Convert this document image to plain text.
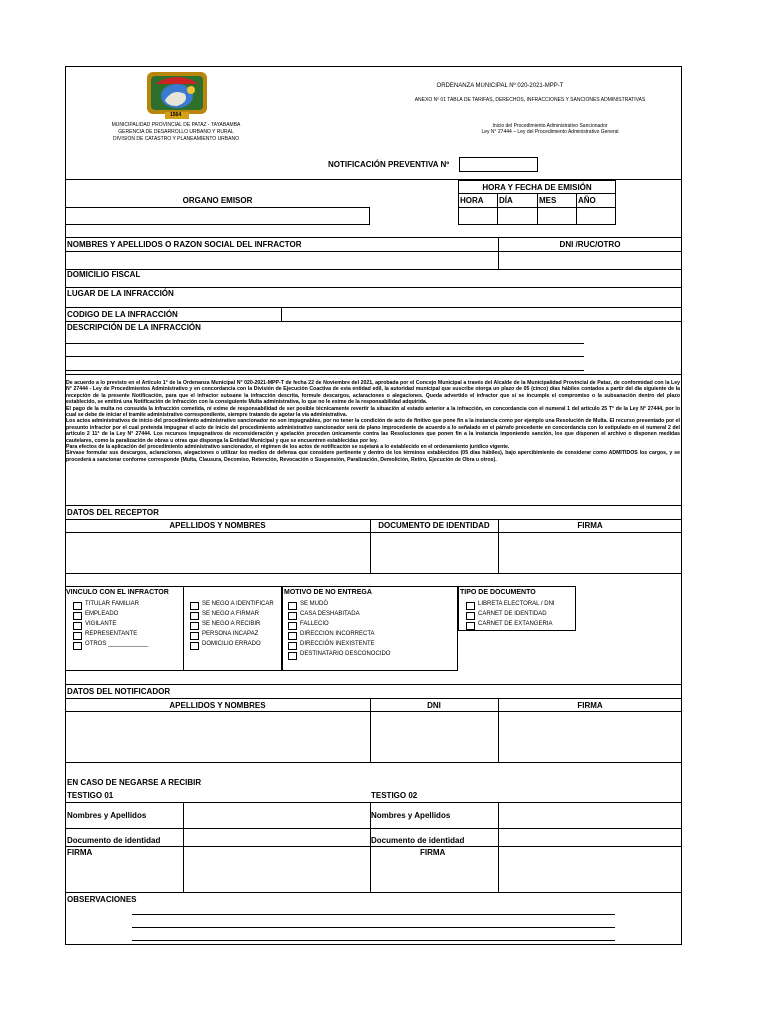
1564
MUNICIPALIDAD PROVINCIAL DE PATAZ - TAYABAMBA
GERENCIA DE DESARROLLO URBANO Y RURAL
DIVISION DE CATASTRO Y PLANEAMIENTO URBANO
ORDENANZA MUNICIPAL Nº 020-2021-MPP-T
ANEXO Nº 01 TABLA DE TARIFAS, DERECHOS, INFRACCIONES Y SANCIONES ADMINISTRATIVAS
Inicio del Procedimiento Administrativo Sancionador
Ley N° 27444 – Ley del Procedimiento Administrativo General
NOTIFICACIÓN PREVENTIVA Nº
HORA Y FECHA DE EMISIÓN
HORA DÍA	MES	AÑO
ORGANO EMISOR
NOMBRES Y APELLIDOS O RAZON SOCIAL DEL INFRACTOR	DNI /RUC/OTRO
DOMICILIO FISCAL
LUGAR DE LA INFRACCIÓN
CODIGO DE LA INFRACCIÓN
DESCRIPCIÓN DE LA INFRACCIÓN

De acuerdo a lo previsto en el Artículo 1° de la Ordenanza Municipal N° 020-2021-MPP-T de fecha 22 de Noviembre del 2021, aprobada por el Concejo Municipal a través del Alcalde de la Municipalidad Provincial de Pataz, de conformidad con la Ley N° 27444 - Ley de Procedimientos Administrativo y en concordancia con la División de Ejecución Coactiva de esta entidad edil, la autoridad municipal que suscribe otorga un plazo de 05 (cinco) días hábiles contados a partir del día siguiente de la recepción de la presente Notificación, para que el infractor subsane la infracción descrita, formule descargos, aclaraciones o alegaciones. Queda advertido el infractor que si se incumple el compromiso o la subsanación dentro del plazo establecido, se emitirá una Notificación de Infracción con la consiguiente Multa administrativa, lo que no le exime de la responsabilidad adquirida.

El pago de la multa no consuida la infracción cometida, ni exime de responsabilidad de ser posible técnicamente revertir la situación al estado anterior a la infracción, en concordancia con el numeral 1 del artículo 25 T° de la Ley N° 27444, por lo cual se debe de iniciar el tramite administrativo correspondiente, siempre tratando de agotar la vía administrativa.

Los actos administrativos de inicio del procedimiento administrativo sancionador no son impugnables, por no tener la condición de acto de ﬁnitivo que pone ﬁn a la instancia como por ejemplo una Resolución de Multa. El recurso presentado por el presunto infractor por el cual pretenda impugnar el acto de inicio del procedimiento administrativo sancionador será de plano improcedente de acuerdo a lo señalado en el párrafo precedente en concordancia con lo estipulado en el numeral 2 del artículo 2 11° de la Ley N° 27444. Los recursos impugnativos de reconsideración y apelación proceden únicamente contra las Resoluciones que ponen ﬁn a la instancia imponiendo sanción, los que disponen el archivo o disponen medidas cautelares, como la paralización de obras u otras que disponga la Entidad Municipal y que se encuentren establecidas por ley.

Para efectos de la aplicación del procedimiento administrativo sancionador, el régimen de los actos de notificación se sujetará a lo establecido en el ordenamiento jurídico vigente.

Sírvase formular sus descargos, aclaraciones, alegaciones o utilizar los medios de defensa que considere pertinente y dentro de los términos establecidos (05 días hábiles), bajo apercibimiento de considerar como ADMITIDOS los cargos, y se procederá a sancionar conforme corresponde (Multa, Clausura, Decomiso, Retención, Revocación o Suspensión, Paralización, Demolición, Retiro, Ejecución de Obra u otros).

DATOS DEL RECEPTOR
APELLIDOS Y NOMBRES	DOCUMENTO DE IDENTIDAD	FIRMA
VINCULO CON EL INFRACTOR
TITULAR FAMILIAR
EMPLEADO
VIGILANTE
REPRESENTANTE
OTROS ____________
SE NEGO A IDENTIFICAR
SE NEGO A FIRMAR
SE NEGO A RECIBIR
PERSONA INCAPAZ
DOMICILIO ERRADO
MOTIVO DE NO ENTREGA
SE MUDÓ
CASA DESHABITADA
FALLECIO
DIRECCION INCORRECTA
DIRECCIÓN INEXISTENTE
DESTINATARIO DESCONOCIDO
TIPO DE DOCUMENTO
LIBRETA ELECTORAL / DNI
CARNET DE IDENTIDAD
CARNET DE EXTANGERIA
DATOS DEL NOTIFICADOR
APELLIDOS Y NOMBRES	DNI	FIRMA
EN CASO DE NEGARSE A RECIBIR
TESTIGO 01	TESTIGO 02
Nombres y Apellidos	Nombres y Apellidos
Documento de identidad	Documento de identidad
FIRMA	FIRMA
OBSERVACIONES
